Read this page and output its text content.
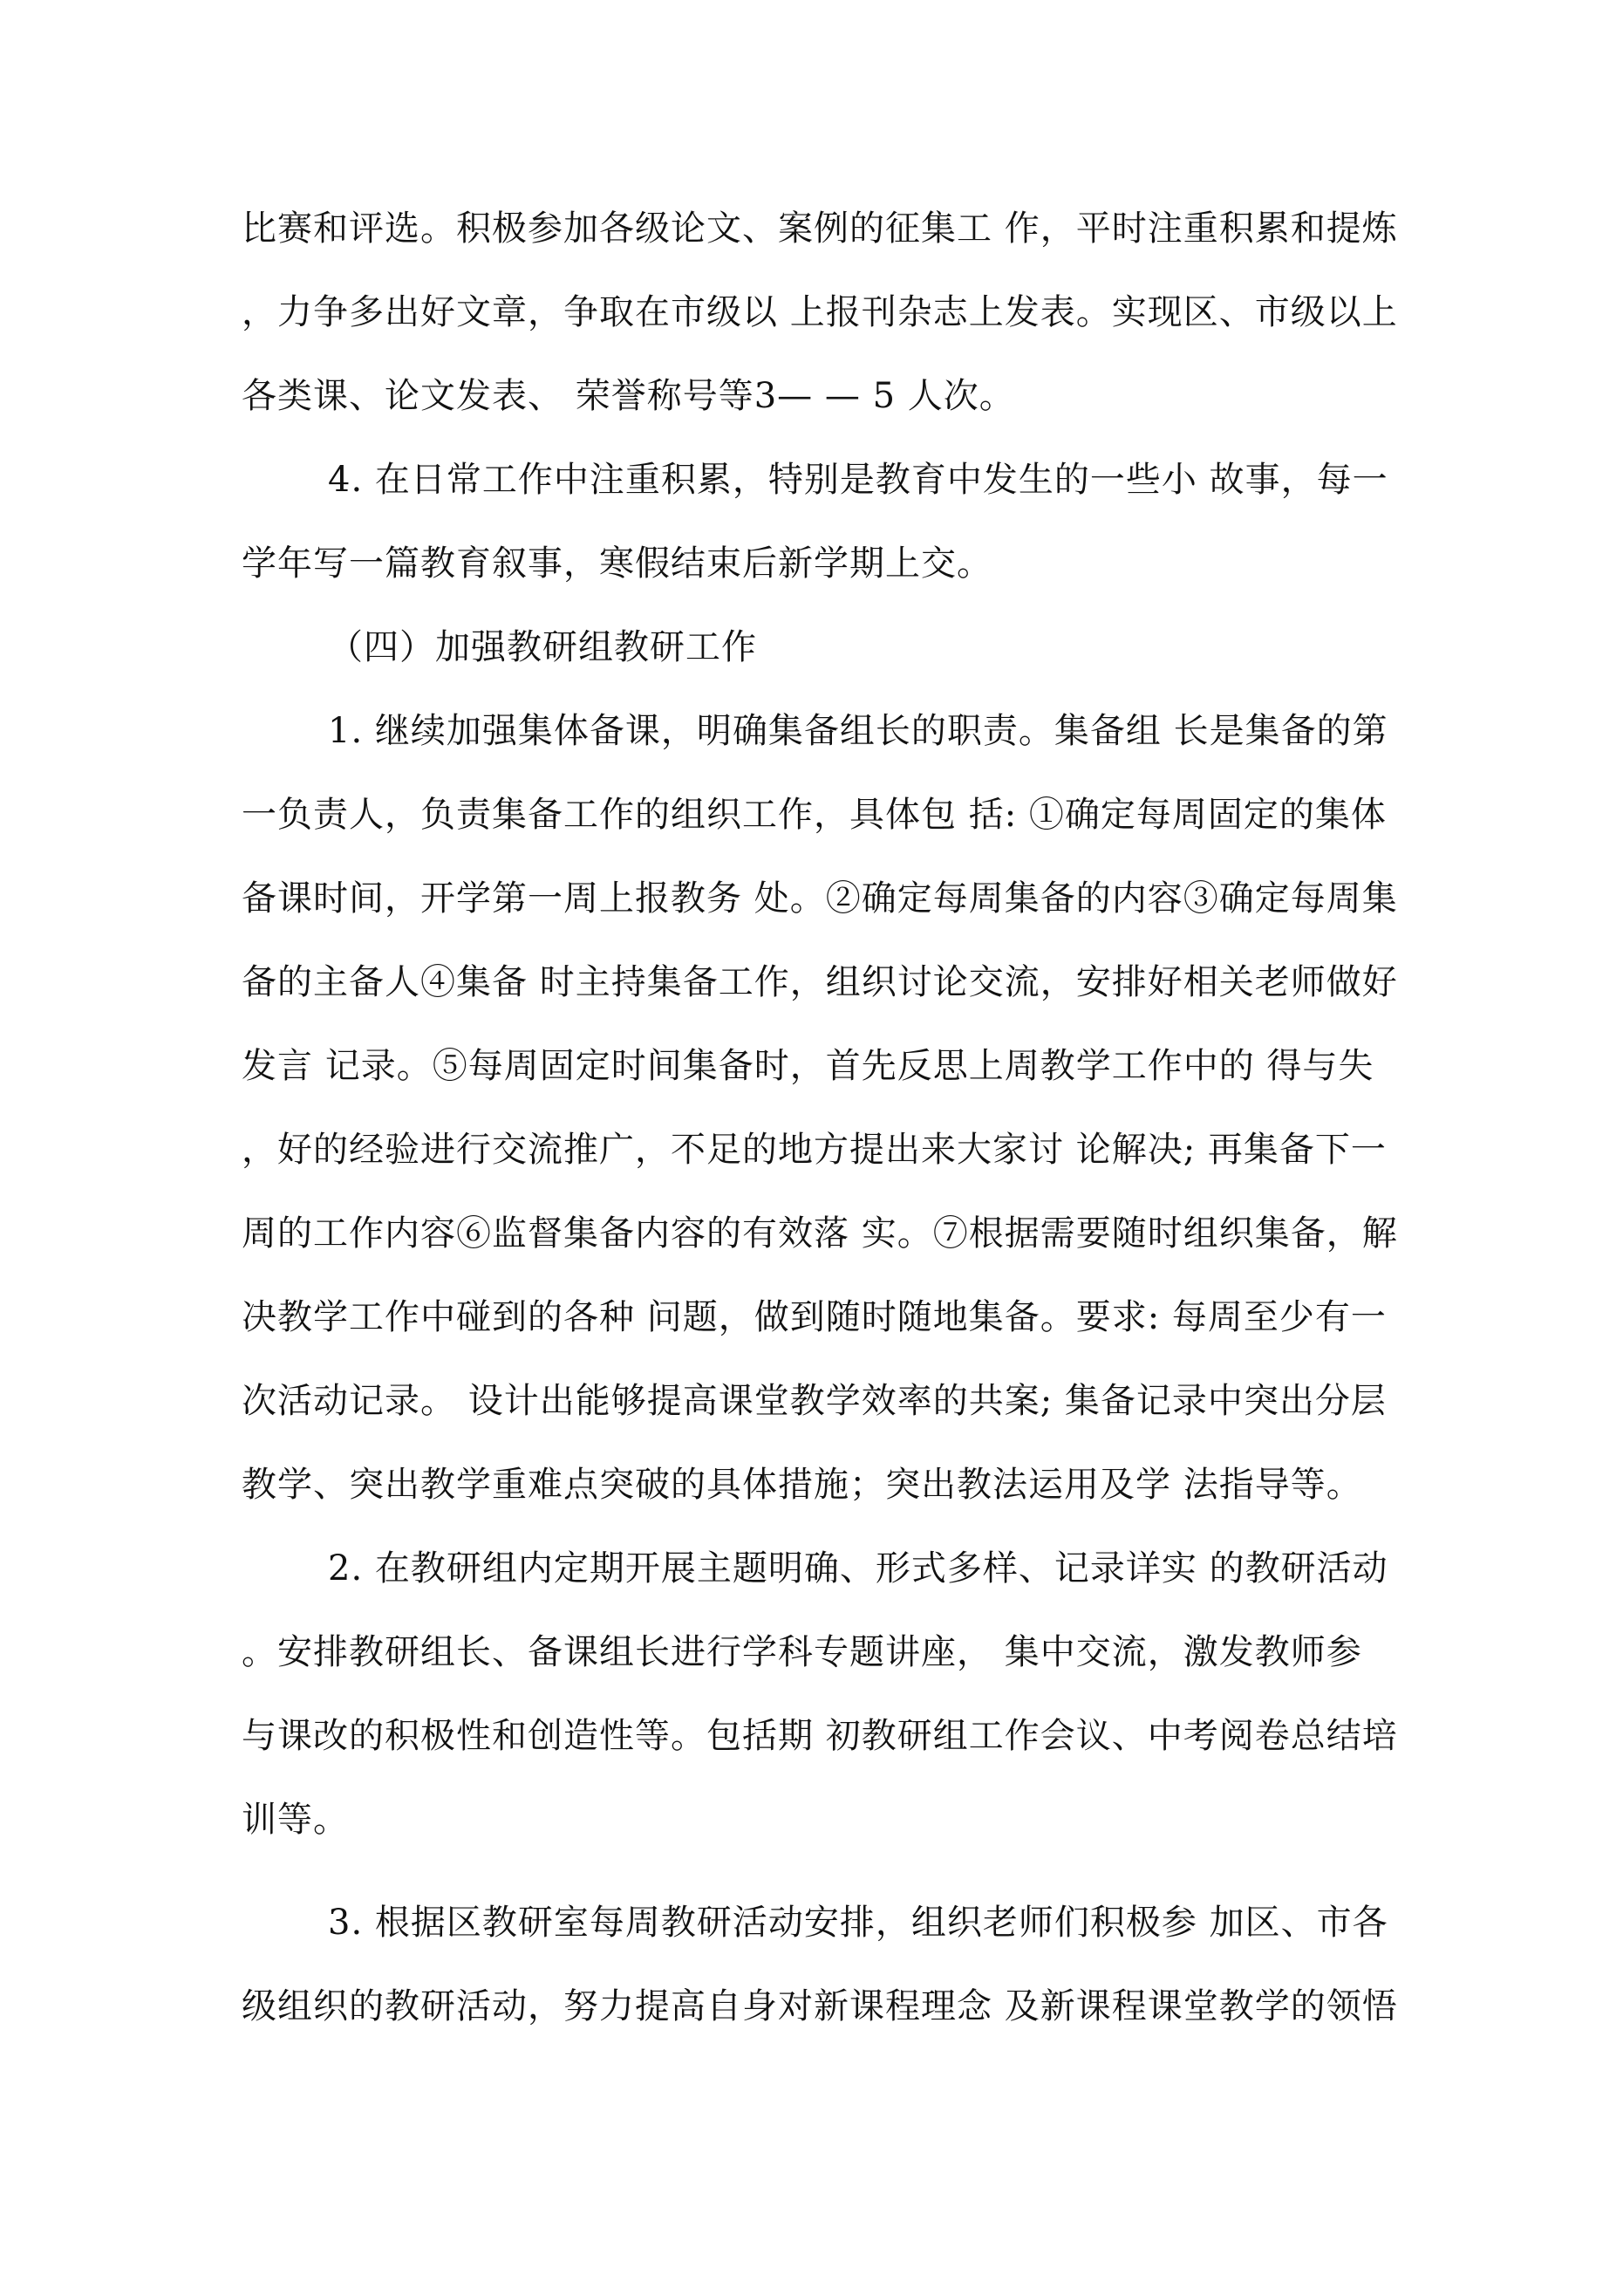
比赛和评选。积极参加各级论文、案例的征集工 作，平时注重积累和提炼
，力争多出好文章，争取在市级以 上报刊杂志上发表。实现区、市级以上
各类课、论文发表、 荣誉称号等3— — 5 人次。
4. 在日常工作中注重积累，特别是教育中发生的一些小 故事，每一
学年写一篇教育叙事，寒假结束后新学期上交。
（四）加强教研组教研工作
1. 继续加强集体备课，明确集备组长的职责。集备组 长是集备的第
一负责人，负责集备工作的组织工作，具体包 括: ①确定每周固定的集体
备课时间，开学第一周上报教务 处。②确定每周集备的内容③确定每周集
备的主备人④集备 时主持集备工作，组织讨论交流，安排好相关老师做好
发言 记录。⑤每周固定时间集备时，首先反思上周教学工作中的 得与失
，好的经验进行交流推广，不足的地方提出来大家讨 论解决; 再集备下一
周的工作内容⑥监督集备内容的有效落 实。⑦根据需要随时组织集备，解
决教学工作中碰到的各种 问题，做到随时随地集备。要求: 每周至少有一
次活动记录。 设计出能够提高课堂教学效率的共案; 集备记录中突出分层
教学、突出教学重难点突破的具体措施；突出教法运用及学 法指导等。
2. 在教研组内定期开展主题明确、形式多样、记录详实 的教研活动
。安排教研组长、备课组长进行学科专题讲座， 集中交流，激发教师参
与课改的积极性和创造性等。包括期 初教研组工作会议、中考阅卷总结培
训等。
3. 根据区教研室每周教研活动安排，组织老师们积极参 加区、市各
级组织的教研活动，努力提高自身对新课程理念 及新课程课堂教学的领悟
